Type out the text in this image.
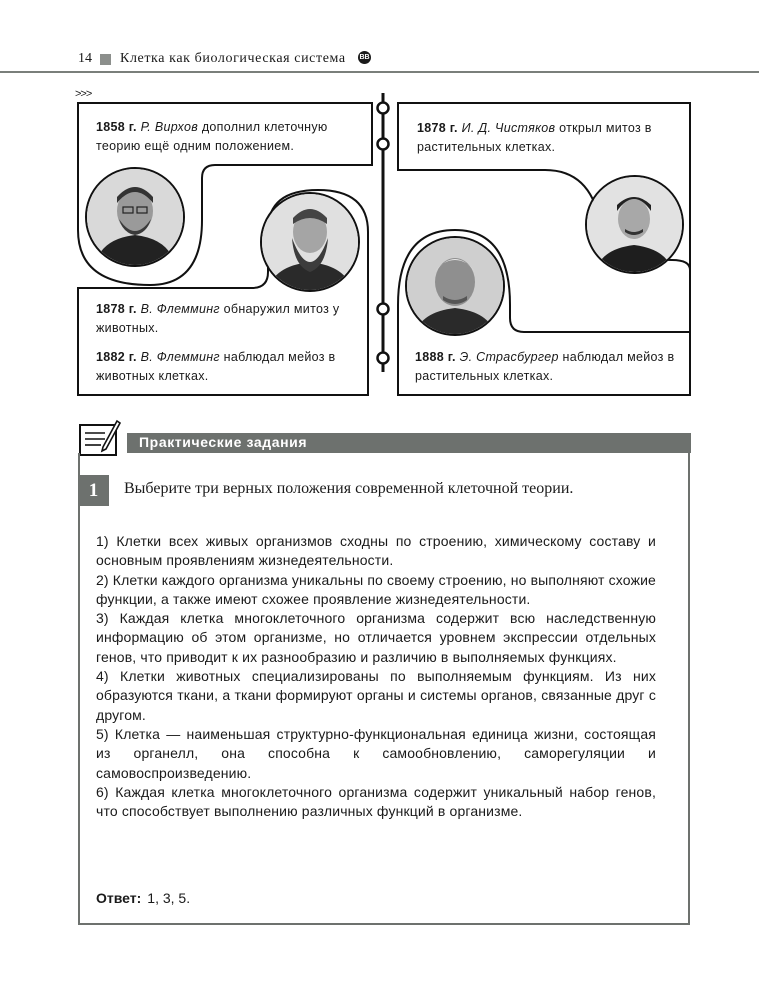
14 Клетка как биологическая система ВВ
>>>
1858 г. Р. Вирхов дополнил клеточную теорию ещё одним положением.
1878 г. В. Флемминг обнаружил митоз у животных.
1882 г. В. Флемминг наблюдал мейоз в животных клетках.
1878 г. И. Д. Чистяков открыл митоз в растительных клетках.
1888 г. Э. Страсбургер наблюдал мейоз в растительных клетках.
Практические задания
1	Выберите три верных положения современной клеточной теории.
1) Клетки всех живых организмов сходны по строению, химическому составу и основным проявлениям жизнедеятельности.
2) Клетки каждого организма уникальны по своему строению, но выполняют схожие функции, а также имеют схожее проявление жизнедеятельности.
3) Каждая клетка многоклеточного организма содержит всю наследственную информацию об этом организме, но отличается уровнем экспрессии отдельных генов, что приводит к их разнообразию и различию в выполняемых функциях.
4) Клетки животных специализированы по выполняемым функциям. Из них образуются ткани, а ткани формируют органы и системы органов, связанные друг с другом.
5) Клетка — наименьшая структурно-функциональная единица жизни, состоящая из органелл, она способна к самообновлению, саморегуляции и самовоспроизведению.
6) Каждая клетка многоклеточного организма содержит уникальный набор генов, что способствует выполнению различных функций в организме.
Ответ: 1, 3, 5.
